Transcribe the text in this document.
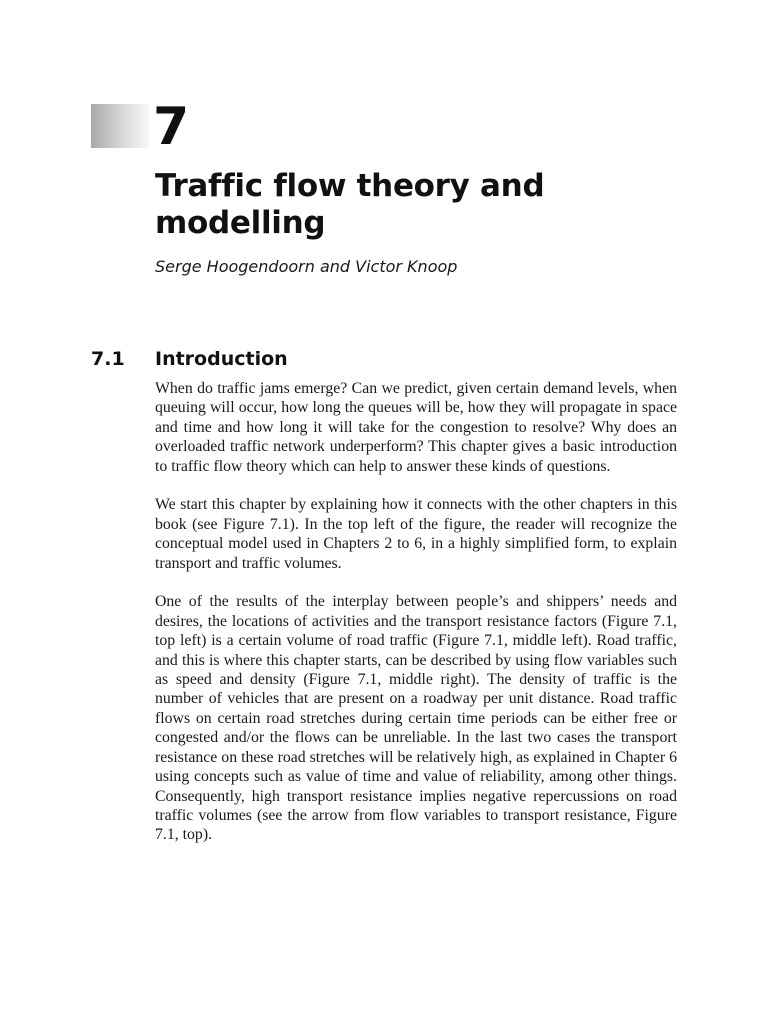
7
Traffic flow theory and modelling

Serge Hoogendoorn and Victor Knoop

7.1 Introduction

When do traffic jams emerge? Can we predict, given certain demand levels, when queuing will occur, how long the queues will be, how they will propagate in space and time and how long it will take for the congestion to resolve? Why does an overloaded traffic network underperform? This chapter gives a basic introduction to traffic flow theory which can help to answer these kinds of questions.

We start this chapter by explaining how it connects with the other chapters in this book (see Figure 7.1). In the top left of the figure, the reader will recognize the conceptual model used in Chapters 2 to 6, in a highly simplified form, to explain transport and traffic volumes.

One of the results of the interplay between people’s and shippers’ needs and desires, the locations of activities and the transport resistance factors (Figure 7.1, top left) is a certain volume of road traffic (Figure 7.1, middle left). Road traffic, and this is where this chapter starts, can be described by using flow variables such as speed and density (Figure 7.1, middle right). The density of traffic is the number of vehicles that are present on a roadway per unit distance. Road traffic flows on certain road stretches during certain time periods can be either free or congested and/or the flows can be unreliable. In the last two cases the transport resistance on these road stretches will be relatively high, as explained in Chapter 6 using concepts such as value of time and value of reliability, among other things. Consequently, high transport resistance implies negative repercussions on road traffic volumes (see the arrow from flow variables to transport resistance, Figure 7.1, top).
